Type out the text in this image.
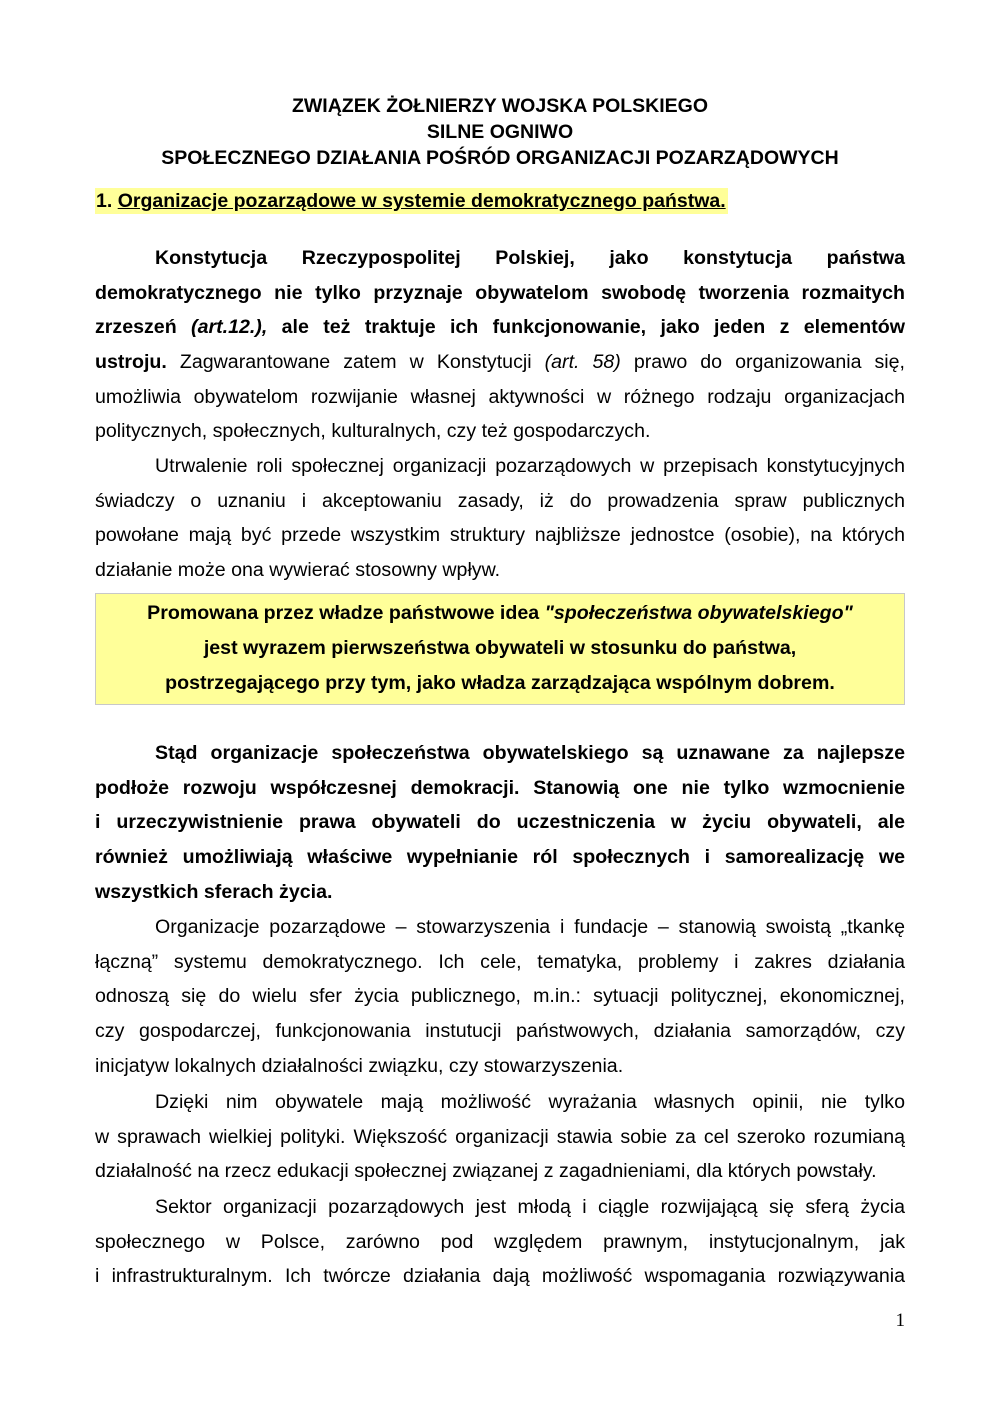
ZWIĄZEK ŻOŁNIERZY WOJSKA POLSKIEGO
SILNE OGNIWO
SPOŁECZNEGO DZIAŁANIA POŚRÓD ORGANIZACJI POZARZĄDOWYCH
1. Organizacje pozarządowe w systemie demokratycznego państwa.
Konstytucja Rzeczypospolitej Polskiej, jako konstytucja państwa
demokratycznego nie tylko przyznaje obywatelom swobodę tworzenia rozmaitych
zrzeszeń (art.12.), ale też traktuje ich funkcjonowanie, jako jeden z elementów
ustroju. Zagwarantowane zatem w Konstytucji (art. 58) prawo do organizowania się,
umożliwia obywatelom rozwijanie własnej aktywności w różnego rodzaju organizacjach
politycznych, społecznych, kulturalnych, czy też gospodarczych.
Utrwalenie roli społecznej organizacji pozarządowych w przepisach konstytucyjnych
świadczy o uznaniu i akceptowaniu zasady, iż do prowadzenia spraw publicznych
powołane mają być przede wszystkim struktury najbliższe jednostce (osobie), na których
działanie może ona wywierać stosowny wpływ.
Promowana przez władze państwowe idea "społeczeństwa obywatelskiego"
jest wyrazem pierwszeństwa obywateli w stosunku do państwa,
postrzegającego przy tym, jako władza zarządzająca wspólnym dobrem.
Stąd organizacje społeczeństwa obywatelskiego są uznawane za najlepsze
podłoże rozwoju współczesnej demokracji. Stanowią one nie tylko wzmocnienie
i urzeczywistnienie prawa obywateli do uczestniczenia w życiu obywateli, ale
również umożliwiają właściwe wypełnianie ról społecznych i samorealizację we
wszystkich sferach życia.
Organizacje pozarządowe – stowarzyszenia i fundacje – stanowią swoistą „tkankę
łączną” systemu demokratycznego. Ich cele, tematyka, problemy i zakres działania
odnoszą się do wielu sfer życia publicznego, m.in.: sytuacji politycznej, ekonomicznej,
czy gospodarczej, funkcjonowania instutucji państwowych, działania samorządów, czy
inicjatyw lokalnych działalności związku, czy stowarzyszenia.
Dzięki nim obywatele mają możliwość wyrażania własnych opinii, nie tylko
w sprawach wielkiej polityki. Większość organizacji stawia sobie za cel szeroko rozumianą
działalność na rzecz edukacji społecznej związanej z zagadnieniami, dla których powstały.
Sektor organizacji pozarządowych jest młodą i ciągle rozwijającą się sferą życia
społecznego w Polsce, zarówno pod względem prawnym, instytucjonalnym, jak
i infrastrukturalnym. Ich twórcze działania dają możliwość wspomagania rozwiązywania
1
